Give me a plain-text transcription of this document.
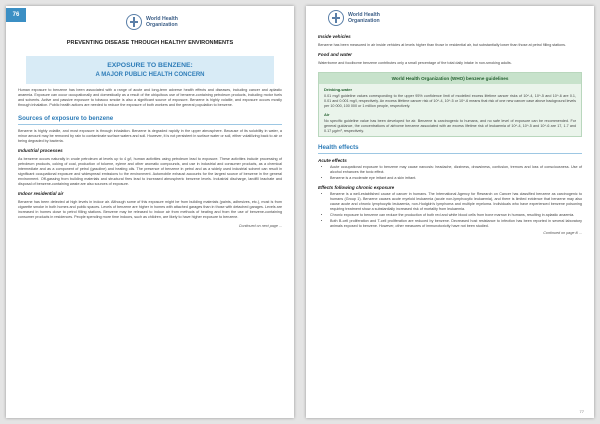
76
World Health
Organization
PREVENTING DISEASE THROUGH HEALTHY ENVIRONMENTS
EXPOSURE TO BENZENE:
A MAJOR PUBLIC HEALTH CONCERN

Human exposure to benzene has been associated with a range of acute and long-term adverse health effects and diseases, including cancer and aplastic anaemia. Exposure can occur occupationally and domestically as a result of the ubiquitous use of benzene-containing petroleum products, including motor fuels and solvents. Active and passive exposure to tobacco smoke is also a significant source of exposure. Benzene is highly volatile, and exposure occurs mostly through inhalation. Public health actions are needed to reduce the exposure of both workers and the general population to benzene.

Sources of exposure to benzene

Benzene is highly volatile, and most exposure is through inhalation. Benzene is degraded rapidly in the upper atmosphere. Because of its solubility in water, a minor amount may be removed by rain to contaminate surface waters and soil. However, it is not persistent in surface water or soil, either volatilizing back to air or being degraded by bacteria.

Industrial processes

As benzene occurs naturally in crude petroleum at levels up to 4 g/l, human activities using petroleum lead to exposure. These activities include processing of petroleum products, coking of coal, production of toluene, xylene and other aromatic compounds, and use in industrial and consumer products, as a chemical intermediate and as a component of petrol (gasoline) and heating oils. The presence of benzene in petrol and as a widely used industrial solvent can result in significant occupational exposure and widespread emissions to the environment. Automobile exhaust accounts for the largest source of benzene in the general environment. Off-gassing from building materials and structural fires lead to increased atmospheric benzene levels. Industrial discharge, landfill leachate and disposal of benzene-containing waste are also sources of exposure.

Indoor residential air

Benzene has been detected at high levels in indoor air. Although some of this exposure might be from building materials (paints, adhesives, etc.), most is from cigarette smoke in both homes and public spaces. Levels of benzene are higher in homes with attached garages than in those with detached garages. Levels are increased in homes close to petrol filling stations. Benzene may be released to indoor air from methods of heating and from the use of benzene-containing consumer products in residences. People spending more time indoors, such as children, are likely to have higher exposure to benzene.

Continued on next page ...
World Health
Organization
Inside vehicles

Benzene has been measured in air inside vehicles at levels higher than those in residential air, but substantially lower than those at petrol filling stations.

Food and water

Waterborne and foodborne benzene contributes only a small percentage of the total daily intake in non-smoking adults.

World Health Organization (WHO) benzene guidelines
Drinking-water

0.01 mg/l guideline values corresponding to the upper 95% confidence limit of modelled excess lifetime cancer risks of 10^-4, 10^-5 and 10^-6 are 0.1, 0.01 and 0.001 mg/l, respectively. An excess lifetime cancer risk of 10^-4, 10^-5 or 10^-6 means that risk of one new cancer case above background levels per 10 000, 100 000 or 1 million people, respectively.

Air

No specific guideline value has been developed for air. Benzene is carcinogenic to humans, and no safe level of exposure can be recommended. For general guidance, the concentrations of airborne benzene associated with an excess lifetime risk of leukaemia of 10^-4, 10^-5 and 10^-6 are 17, 1.7 and 0.17 μg/m³, respectively.

Health effects
Acute effects
• Acute occupational exposure to benzene may cause narcosis: headache, dizziness, drowsiness, confusion, tremors and loss of consciousness. Use of alcohol enhances the toxic effect.
• Benzene is a moderate eye irritant and a skin irritant.
Effects following chronic exposure
• Benzene is a well-established cause of cancer in humans. The International Agency for Research on Cancer has classified benzene as carcinogenic to humans (Group 1). Benzene causes acute myeloid leukaemia (acute non-lymphocytic leukaemia), and there is limited evidence that benzene may also cause acute and chronic lymphocytic leukaemia, non-Hodgkin's lymphoma and multiple myeloma. Individuals who have experienced benzene poisoning requiring treatment show a substantially increased risk of mortality from leukaemia.
• Chronic exposure to benzene can reduce the production of both red and white blood cells from bone marrow in humans, resulting in aplastic anaemia.
• Both B-cell proliferation and T-cell proliferation are reduced by benzene. Decreased host resistance to infection has been reported in several laboratory animals exposed to benzene. However, other measures of immunotoxicity have not been studied.
Continued on page iii ...
77
